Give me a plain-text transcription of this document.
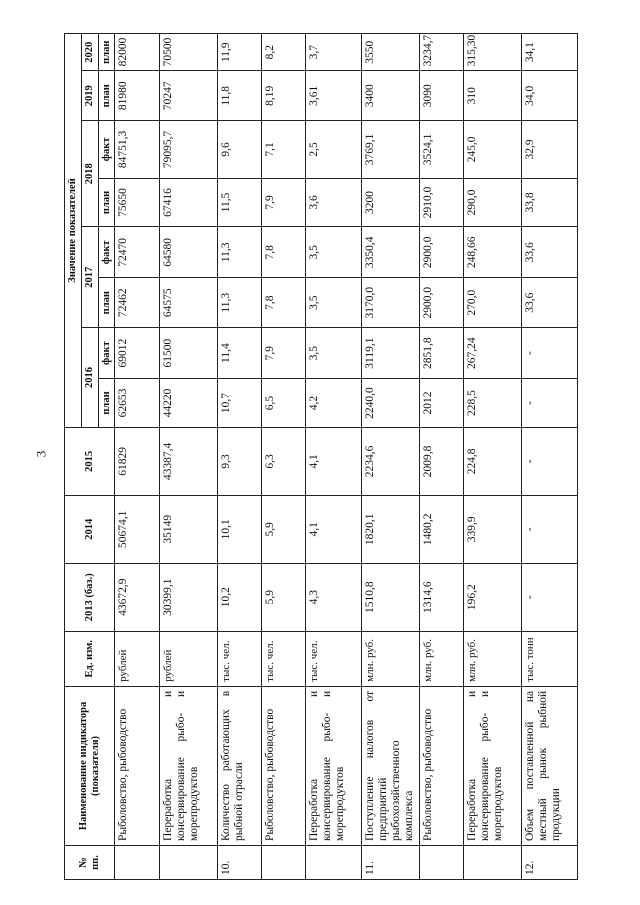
3
№ пп.	Наименование индикатора (показателя)	Ед. изм.	2013 (баз.)	2014	2015	Значение показателей							
						2016		2017		2018		2019	2020
						план	факт	план	факт	план	факт	план	план
	Рыболовство, рыбоводство	рублей	43672,9	50674,1	61829	62653	69012	72462	72470	75650	84751,3	81980	82000
	Переработка и консервирование рыбо- и морепродуктов	рублей	30399,1	35149	43387,4	44220	61500	64575	64580	67416	79095,7	70247	70500
10.	Количество работающих в рыбной отрасли	тыс. чел.	10,2	10,1	9,3	10,7	11,4	11,3	11,3	11,5	9,6	11,8	11,9
	Рыболовство, рыбоводство	тыс. чел.	5,9	5,9	6,3	6,5	7,9	7,8	7,8	7,9	7,1	8,19	8,2
	Переработка и консервирование рыбо- и морепродуктов	тыс. чел.	4,3	4,1	4,1	4,2	3,5	3,5	3,5	3,6	2,5	3,61	3,7
11.	Поступление налогов от предприятий рыбохозяйственного комплекса	млн. руб.	1510,8	1820,1	2234,6	2240,0	3119,1	3170,0	3350,4	3200	3769,1	3400	3550
	Рыболовство, рыбоводство	млн. руб.	1314,6	1480,2	2009,8	2012	2851,8	2900,0	2900,0	2910,0	3524,1	3090	3234,7
	Переработка и консервирование рыбо- и морепродуктов	млн. руб.	196,2	339,9	224,8	228,5	267,24	270,0	248,66	290,0	245,0	310	315,30
12.	Объем поставленной на местный рынок рыбной продукции	тыс. тонн	-	-	-	-	-	33,6	33,6	33,8	32,9	34,0	34,1
